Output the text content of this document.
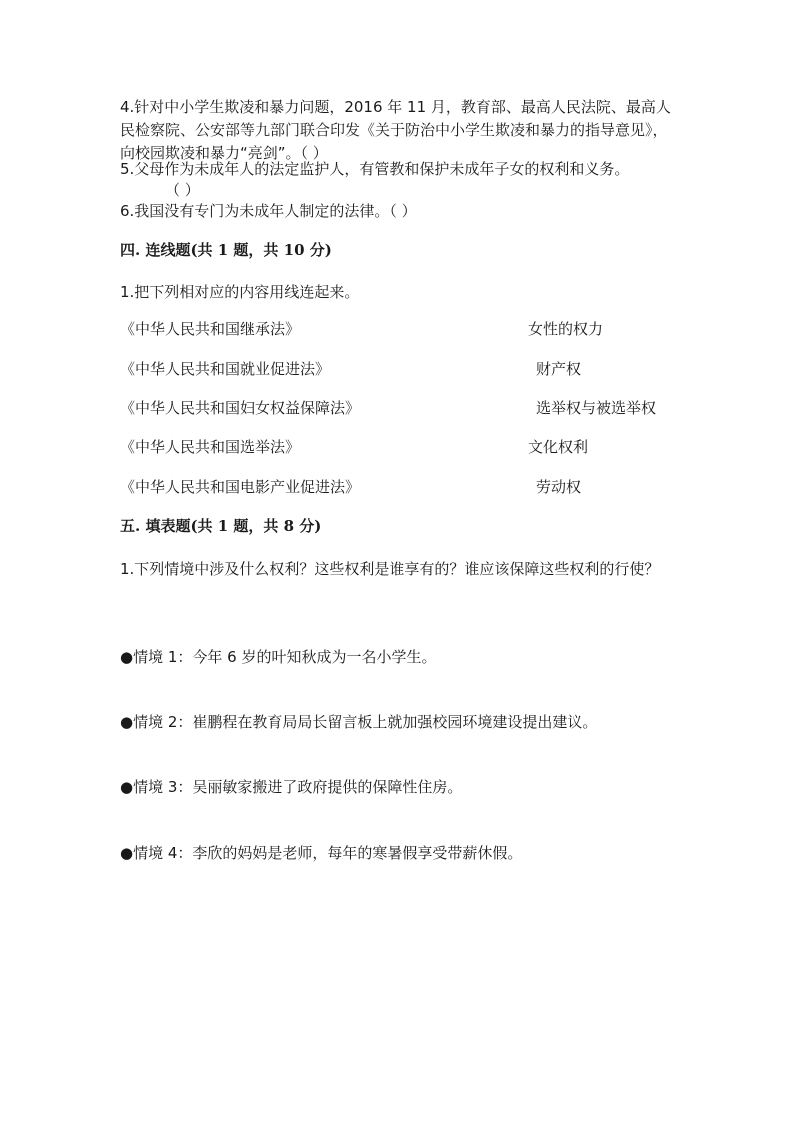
4.针对中小学生欺凌和暴力问题，2016 年 11 月，教育部、最高人民法院、最高人民检察院、公安部等九部门联合印发《关于防治中小学生欺凌和暴力的指导意见》，向校园欺凌和暴力“亮剑”。（ ）
5.父母作为未成年人的法定监护人，有管教和保护未成年子女的权利和义务。
（ ）
6.我国没有专门为未成年人制定的法律。（ ）
四. 连线题(共 1 题，共 10 分)
1.把下列相对应的内容用线连起来。
《中华人民共和国继承法》	女性的权力
《中华人民共和国就业促进法》	财产权
《中华人民共和国妇女权益保障法》	选举权与被选举权
《中华人民共和国选举法》	文化权利
《中华人民共和国电影产业促进法》	劳动权
五. 填表题(共 1 题，共 8 分)
1.下列情境中涉及什么权利？这些权利是谁享有的？谁应该保障这些权利的行使？
●情境 1：今年 6 岁的叶知秋成为一名小学生。
●情境 2：崔鹏程在教育局局长留言板上就加强校园环境建设提出建议。
●情境 3：吴丽敏家搬进了政府提供的保障性住房。
●情境 4：李欣的妈妈是老师，每年的寒暑假享受带薪休假。
